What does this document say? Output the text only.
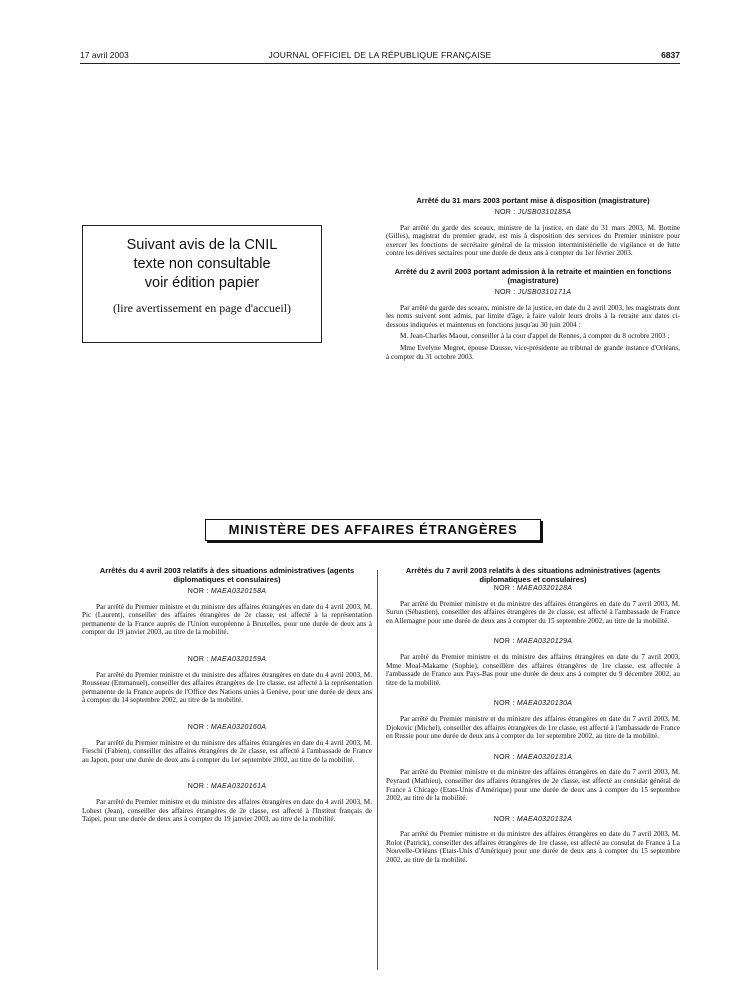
17 avril 2003	JOURNAL OFFICIEL DE LA RÉPUBLIQUE FRANÇAISE	6837
Suivant avis de la CNIL
texte non consultable
voir édition papier
(lire avertissement en page d'accueil)
Arrêté du 31 mars 2003 portant mise à disposition (magistrature)
NOR : JUSB0310185A
Par arrêté du garde des sceaux, ministre de la justice, en date du 31 mars 2003, M. Bottine (Gilles), magistrat du premier grade, est mis à disposition des services du Premier ministre pour exercer les fonctions de secrétaire général de la mission interministérielle de vigilance et de lutte contre les dérives sectaires pour une durée de deux ans à compter du 1er février 2003.
Arrêté du 2 avril 2003 portant admission à la retraite et maintien en fonctions (magistrature)
NOR : JUSB0310171A
Par arrêté du garde des sceaux, ministre de la justice, en date du 2 avril 2003, les magistrats dont les noms suivent sont admis, par limite d'âge, à faire valoir leurs droits à la retraite aux dates ci-dessous indiquées et maintenus en fonctions jusqu'au 30 juin 2004 :
M. Jean-Charles Maout, conseiller à la cour d'appel de Rennes, à compter du 8 octobre 2003 ;
Mme Evelyne Megret, épouse Dausse, vice-présidente au tribunal de grande instance d'Orléans, à compter du 31 octobre 2003.
MINISTÈRE DES AFFAIRES ÉTRANGÈRES
Arrêtés du 4 avril 2003 relatifs à des situations administratives (agents diplomatiques et consulaires)
NOR : MAEA0320158A
Par arrêté du Premier ministre et du ministre des affaires étrangères en date du 4 avril 2003, M. Pic (Laurent), conseiller des affaires étrangères de 2e classe, est affecté à la représentation permanente de la France auprès de l'Union européenne à Bruxelles, pour une durée de deux ans à compter du 19 janvier 2003, au titre de la mobilité.
NOR : MAEA0320159A
Par arrêté du Premier ministre et du ministre des affaires étrangères en date du 4 avril 2003, M. Rousseau (Emmanuel), conseiller des affaires étrangères de 1re classe, est affecté à la représentation permanente de la France auprès de l'Office des Nations unies à Genève, pour une durée de deux ans à compter du 14 septembre 2002, au titre de la mobilité.
NOR : MAEA0320160A
Par arrêté du Premier ministre et du ministre des affaires étrangères en date du 4 avril 2003, M. Fieschi (Fabien), conseiller des affaires étrangères de 2e classe, est affecté à l'ambassade de France au Japon, pour une durée de deux ans à compter du 1er septembre 2002, au titre de la mobilité.
NOR : MAEA0320161A
Par arrêté du Premier ministre et du ministre des affaires étrangères en date du 4 avril 2003, M. Lohest (Jean), conseiller des affaires étrangères de 2e classe, est affecté à l'Institut français de Taipei, pour une durée de deux ans à compter du 19 janvier 2003, au titre de la mobilité.
Arrêtés du 7 avril 2003 relatifs à des situations administratives (agents diplomatiques et consulaires)
NOR : MAEA0320128A
Par arrêté du Premier ministre et du ministre des affaires étrangères en date du 7 avril 2003, M. Surun (Sébastien), conseiller des affaires étrangères de 2e classe, est affecté à l'ambassade de France en Allemagne pour une durée de deux ans à compter du 15 septembre 2002, au titre de la mobilité.
NOR : MAEA0320129A
Par arrêté du Premier ministre et du ministre des affaires étrangères en date du 7 avril 2003, Mme Moal-Makame (Sophie), conseillère des affaires étrangères de 1re classe, est affectée à l'ambassade de France aux Pays-Bas pour une durée de deux ans à compter du 9 décembre 2002, au titre de la mobilité.
NOR : MAEA0320130A
Par arrêté du Premier ministre et du ministre des affaires étrangères en date du 7 avril 2003, M. Djokovic (Michel), conseiller des affaires étrangères de 1re classe, est affecté à l'ambassade de France en Russie pour une durée de deux ans à compter du 1er septembre 2002, au titre de la mobilité.
NOR : MAEA0320131A
Par arrêté du Premier ministre et du ministre des affaires étrangères en date du 7 avril 2003, M. Peyraud (Mathieu), conseiller des affaires étrangères de 2e classe, est affecté au consulat général de France à Chicago (Etats-Unis d'Amérique) pour une durée de deux ans à compter du 15 septembre 2002, au titre de la mobilité.
NOR : MAEA0320132A
Par arrêté du Premier ministre et du ministre des affaires étrangères en date du 7 avril 2003, M. Rolot (Patrick), conseiller des affaires étrangères de 1re classe, est affecté au consulat de France à La Nouvelle-Orléans (Etats-Unis d'Amérique) pour une durée de deux ans à compter du 15 septembre 2002, au titre de la mobilité.
